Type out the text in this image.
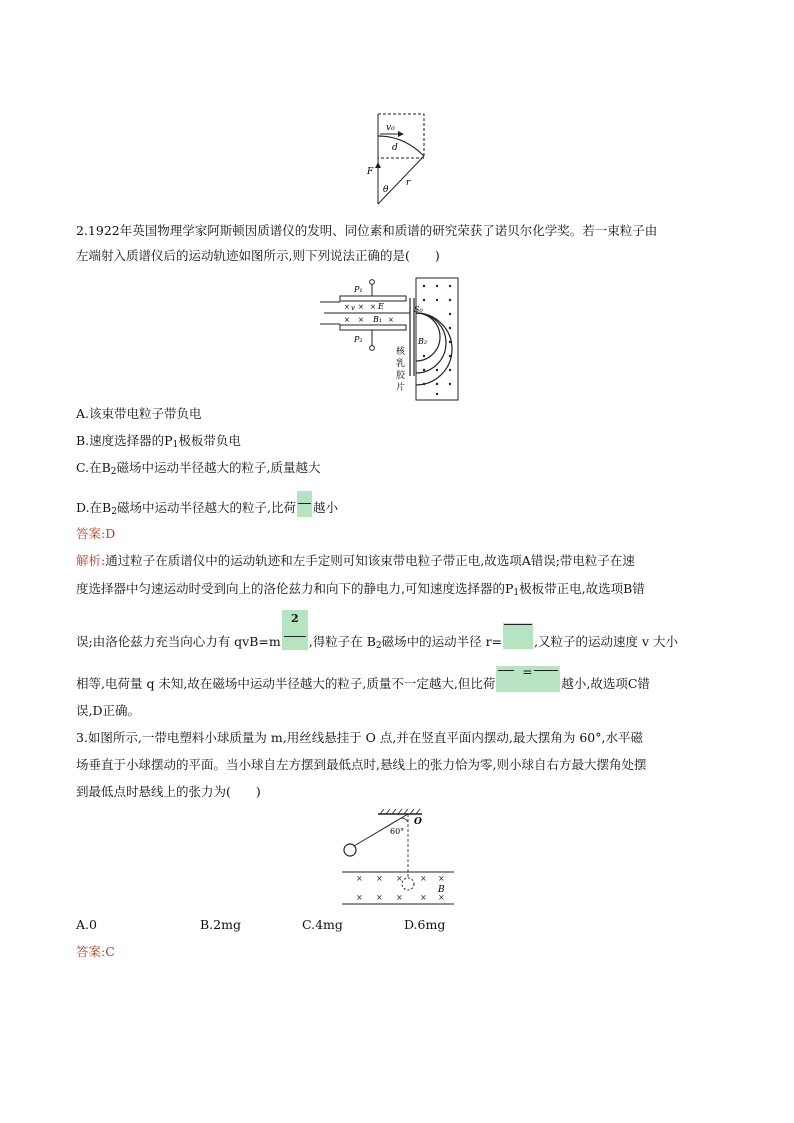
v₀
d
F
θ
r
2.1922年英国物理学家阿斯顿因质谱仪的发明、同位素和质谱的研究荣获了诺贝尔化学奖。若一束粒子由
左端射入质谱仪后的运动轨迹如图所示,则下列说法正确的是(　　)
× ×
× ×	×
×
P₁
P₂
v	E
B₁
S₀
B₂
核
乳
胶
片
A.该束带电粒子带负电
B.速度选择器的$P_1$极板带负电
C.在$B_2$磁场中运动半径越大的粒子,质量越大
D.在$B_2$磁场中运动半径越大的粒子,比荷 越小
答案:D
解析:通过粒子在质谱仪中的运动轨迹和左手定则可知该束带电粒子带正电,故选项A错误;带电粒子在速
度选择器中匀速运动时受到向上的洛伦兹力和向下的静电力,可知速度选择器的$P_1$极板带正电,故选项B错
误;由洛伦兹力充当向心力有 qvB=m
2
,得粒子在 $B_2$磁场中的运动半径 r=	,又粒子的运动速度 v 大小
相等,电荷量 q 未知,故在磁场中运动半径越大的粒子,质量不一定越大,但比荷
=
越小,故选项C错
误,D正确。
3.如图所示,一带电塑料小球质量为 m,用丝线悬挂于 O 点,并在竖直平面内摆动,最大摆角为 60°,水平磁
场垂直于小球摆动的平面。当小球自左方摆到最低点时,悬线上的张力恰为零,则小球自右方最大摆角处摆
到最低点时悬线上的张力为(　　)
× × × × ×
× × × × ×
O
60°
B
A.0	B.2mg	C.4mg	D.6mg
答案:C
